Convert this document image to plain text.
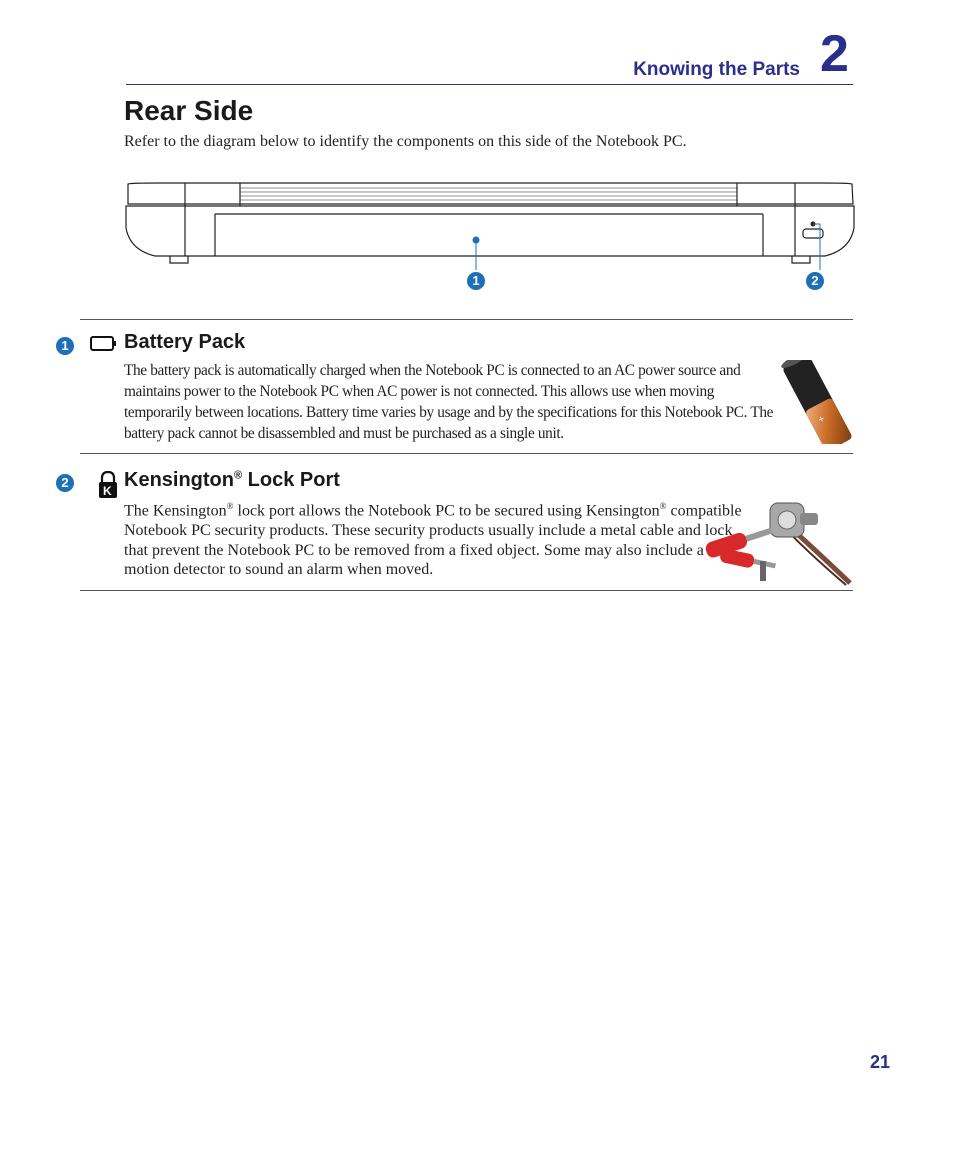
Knowing the Parts 2
Rear Side
Refer to the diagram below to identify the components on this side of the Notebook PC.
1	2
1	Battery Pack
The battery pack is automatically charged when the Notebook PC is connected to an AC power source and maintains power to the Notebook PC when AC power is not connected. This allows use when moving temporarily between locations. Battery time varies by usage and by the specifications for this Notebook PC. The battery pack cannot be disassembled and must be purchased as a single unit.
+
2
K Kensington® Lock Port
The Kensington® lock port allows the Notebook PC to be secured using Kensington® compatible Notebook PC security products. These security products usually include a metal cable and lock that prevent the Notebook PC to be removed from a fixed object. Some may also include a motion detector to sound an alarm when moved.
21
